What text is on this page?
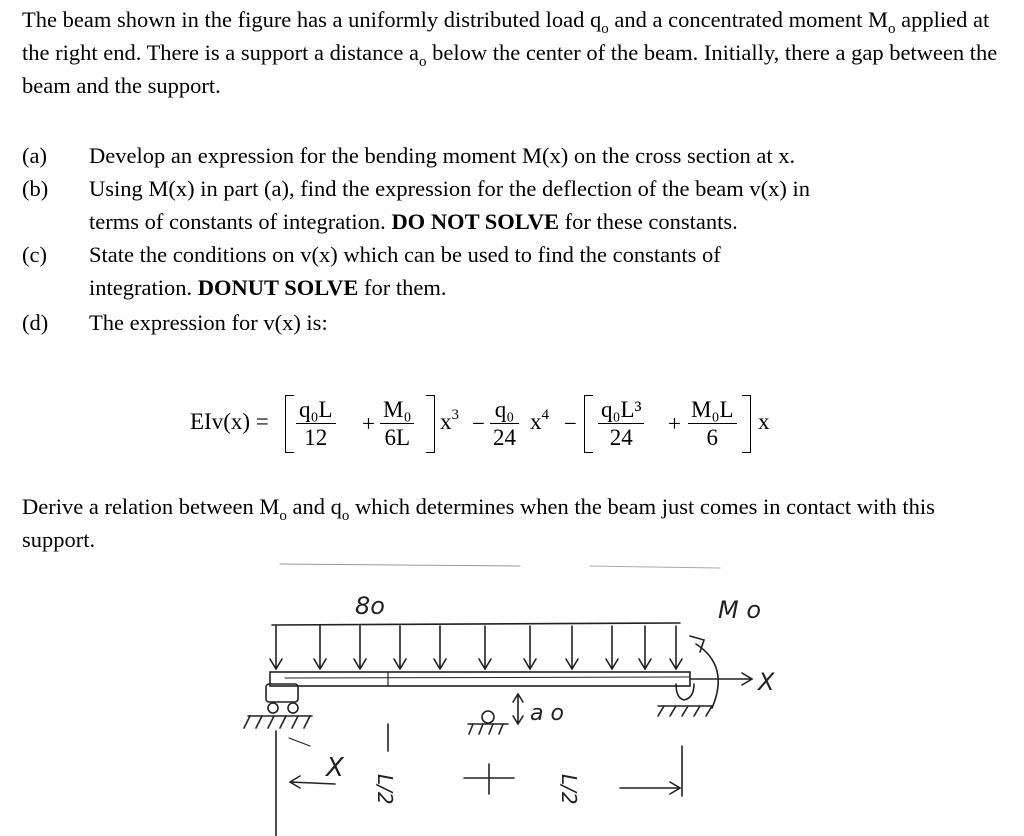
The beam shown in the figure has a uniformly distributed load $q_o$ and a concentrated moment $M_o$ applied at the right end. There is a support a distance $a_o$ below the center of the beam. Initially, there a gap between the beam and the support.
(a) Develop an expression for the bending moment M(x) on the cross section at x.
(b) Using M(x) in part (a), find the expression for the deflection of the beam v(x) in
terms of constants of integration. DO NOT SOLVE for these constants.
(c) State the conditions on v(x) which can be used to find the constants of
integration. DONUT SOLVE for them.
(d) The expression for v(x) is:
EIv(x) = q₀L
12
+
M₀
6L
$x^3$ −
q₀
24
$x^4$ −
q₀L³
24
+
M₀L
6
x
Derive a relation between $M_o$ and $q_o$ which determines when the beam just comes in contact with this support.
8o	M o
X
a o
X
L/2	L/2
